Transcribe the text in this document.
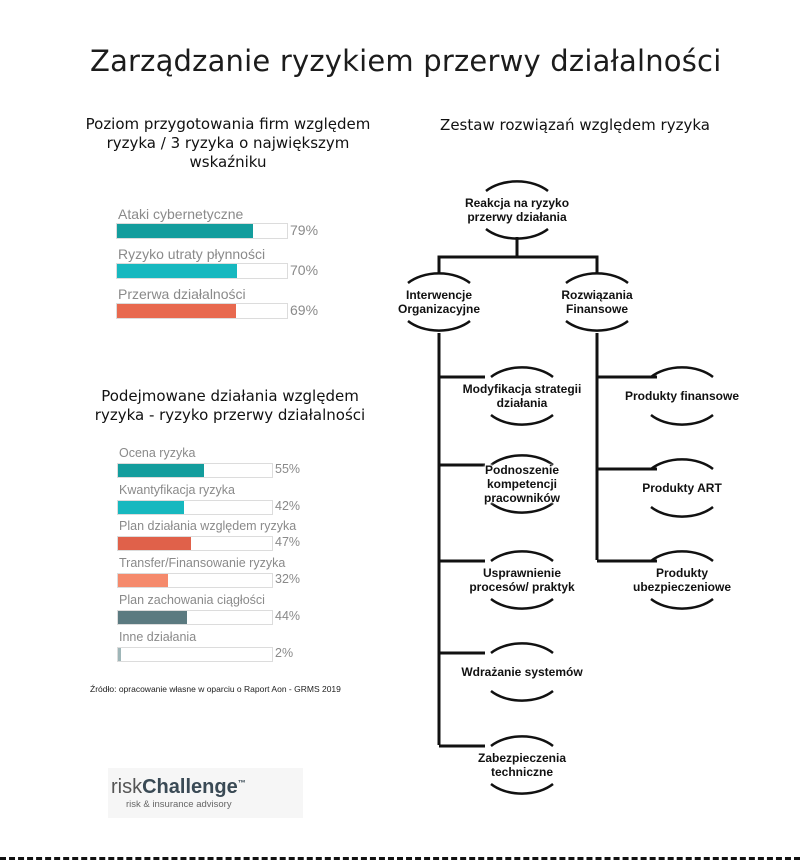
Zarządzanie ryzykiem przerwy działalności
Poziom przygotowania firm względem ryzyka / 3 ryzyka o największym wskaźniku
Ataki cybernetyczne
79%
Ryzyko utraty płynności
70%
Przerwa działalności
69%
Podejmowane działania względem ryzyka - ryzyko przerwy działalności
Ocena ryzyka
55%
Kwantyfikacja ryzyka
42%
Plan działania względem ryzyka
47%
Transfer/Finansowanie ryzyka
32%
Plan zachowania ciągłości
44%
Inne działania
2%
Źródło: opracowanie własne w oparciu o Raport Aon - GRMS 2019
riskChallenge™
risk & insurance advisory
Zestaw rozwiązań względem ryzyka
Reakcja na ryzyko
przerwy działania
Interwencje
Organizacyjne
Modyfikacja strategii
działania
Podnoszenie
kompetencji
pracowników
Usprawnienie
procesów/ praktyk
Wdrażanie systemów
Zabezpieczenia
techniczne
Rozwiązania
Finansowe
Produkty finansowe
Produkty ART
Produkty
ubezpieczeniowe
